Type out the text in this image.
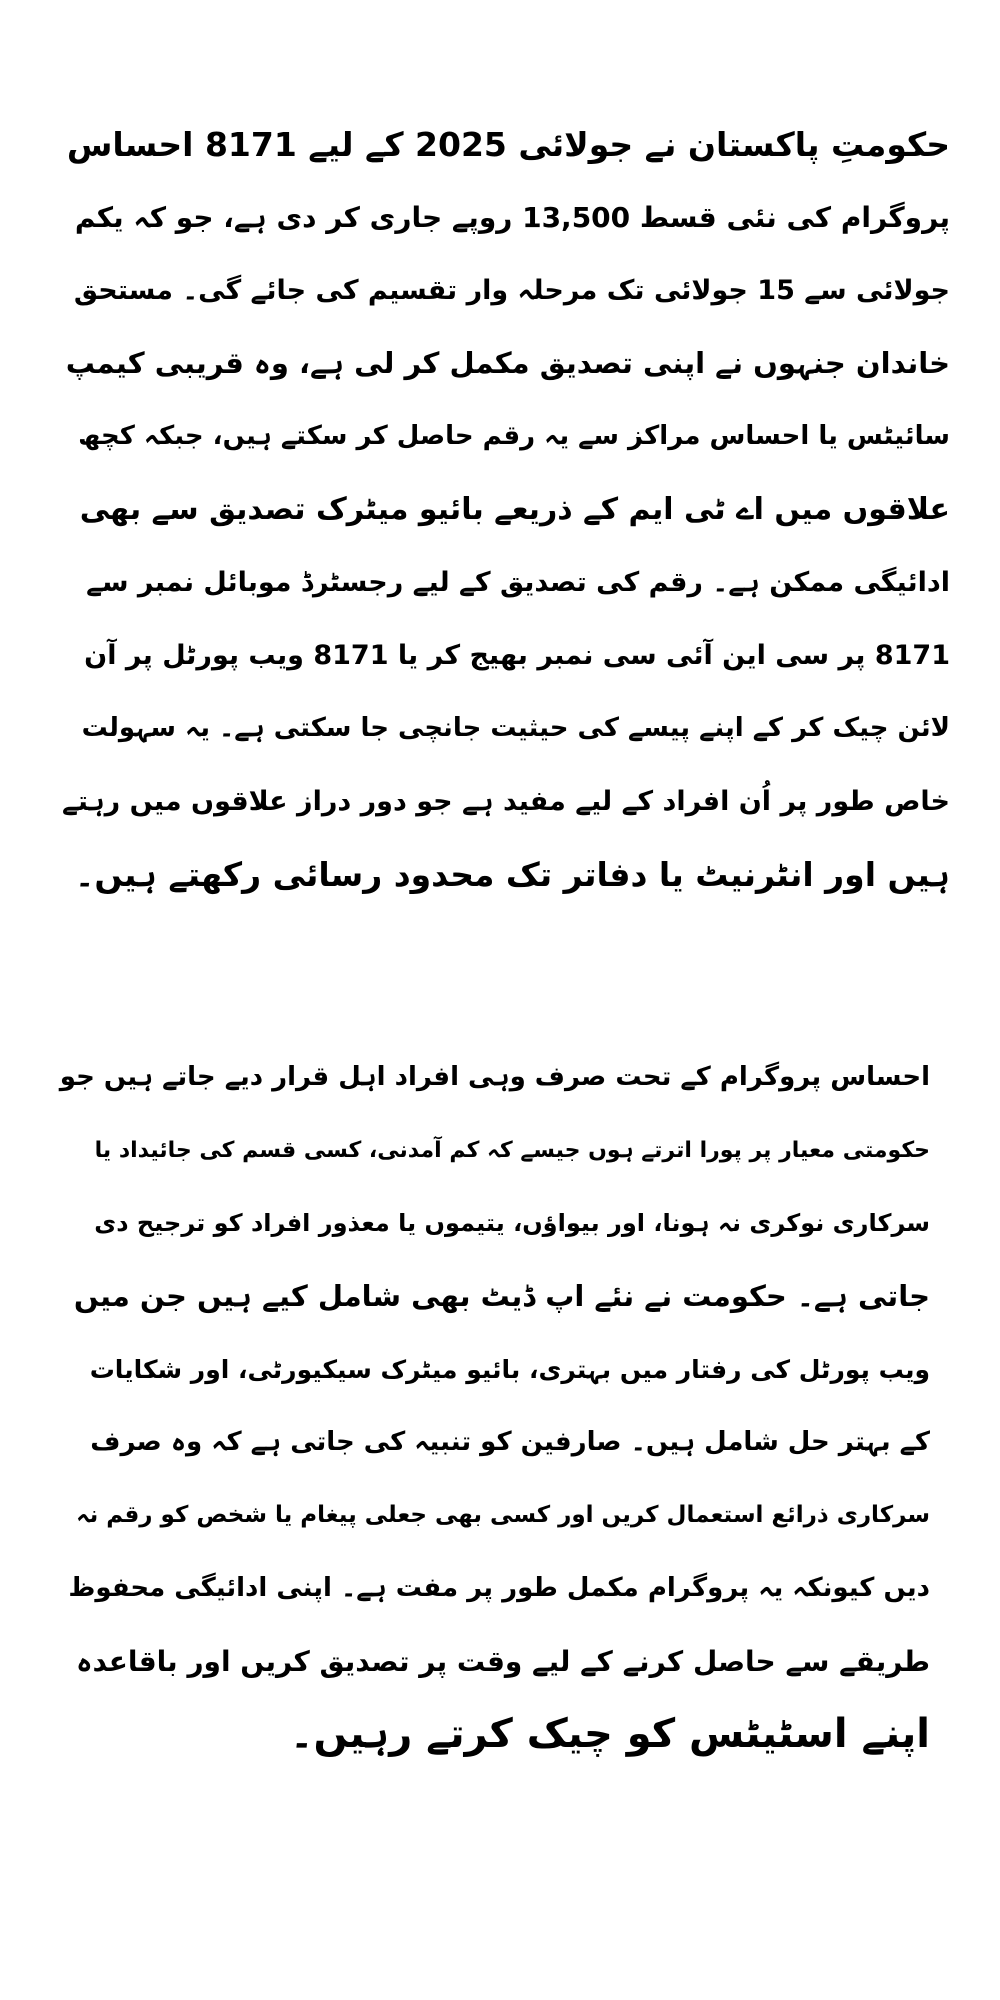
حکومتِ پاکستان نے جولائی 2025 کے لیے 8171 احساس
پروگرام کی نئی قسط 13,500 روپے جاری کر دی ہے، جو کہ یکم
جولائی سے 15 جولائی تک مرحلہ وار تقسیم کی جائے گی۔ مستحق
خاندان جنہوں نے اپنی تصدیق مکمل کر لی ہے، وہ قریبی کیمپ
سائیٹس یا احساس مراکز سے یہ رقم حاصل کر سکتے ہیں، جبکہ کچھ
علاقوں میں اے ٹی ایم کے ذریعے بائیو میٹرک تصدیق سے بھی
ادائیگی ممکن ہے۔ رقم کی تصدیق کے لیے رجسٹرڈ موبائل نمبر سے
8171 پر سی این آئی سی نمبر بھیج کر یا 8171 ویب پورٹل پر آن
لائن چیک کر کے اپنے پیسے کی حیثیت جانچی جا سکتی ہے۔ یہ سہولت
خاص طور پر اُن افراد کے لیے مفید ہے جو دور دراز علاقوں میں رہتے
ہیں اور انٹرنیٹ یا دفاتر تک محدود رسائی رکھتے ہیں۔
احساس پروگرام کے تحت صرف وہی افراد اہل قرار دیے جاتے ہیں جو
حکومتی معیار پر پورا اترتے ہوں جیسے کہ کم آمدنی، کسی قسم کی جائیداد یا
سرکاری نوکری نہ ہونا، اور بیواؤں، یتیموں یا معذور افراد کو ترجیح دی
جاتی ہے۔ حکومت نے نئے اپ ڈیٹ بھی شامل کیے ہیں جن میں
ویب پورٹل کی رفتار میں بہتری، بائیو میٹرک سیکیورٹی، اور شکایات
کے بہتر حل شامل ہیں۔ صارفین کو تنبیہ کی جاتی ہے کہ وہ صرف
سرکاری ذرائع استعمال کریں اور کسی بھی جعلی پیغام یا شخص کو رقم نہ
دیں کیونکہ یہ پروگرام مکمل طور پر مفت ہے۔ اپنی ادائیگی محفوظ
طریقے سے حاصل کرنے کے لیے وقت پر تصدیق کریں اور باقاعدہ
اپنے اسٹیٹس کو چیک کرتے رہیں۔
